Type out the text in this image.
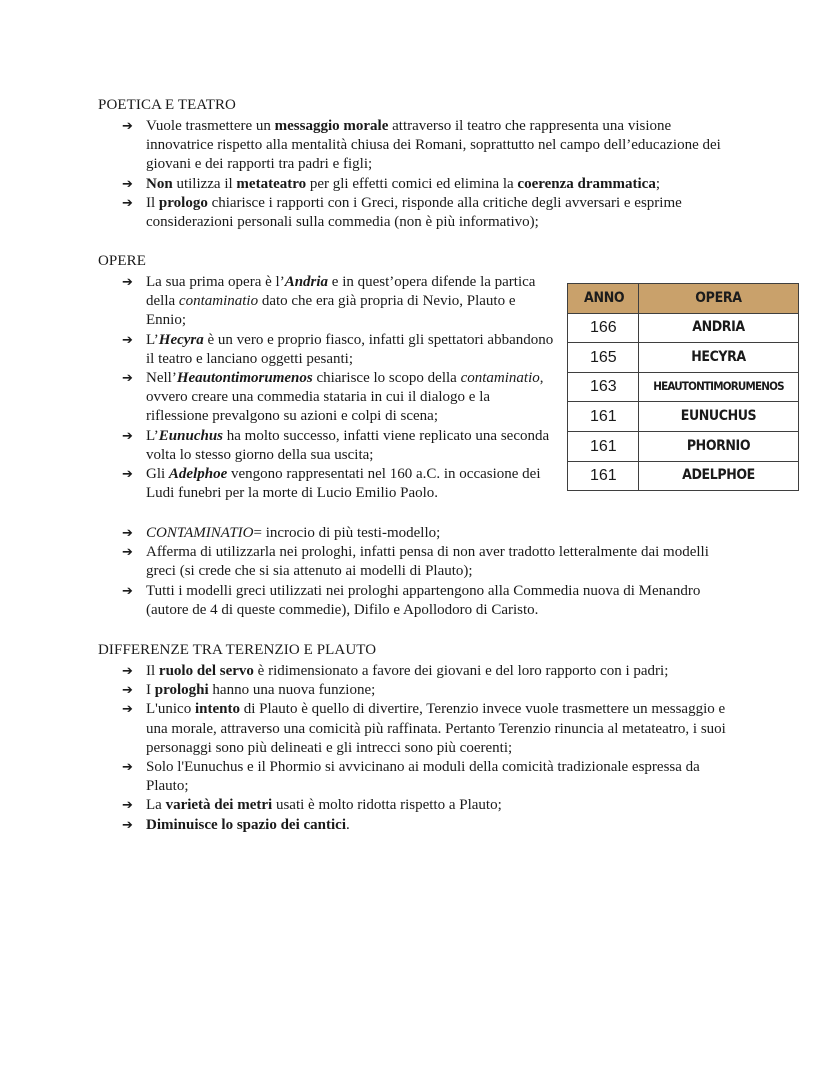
POETICA E TEATRO
➔ Vuole trasmettere un messaggio morale attraverso il teatro che rappresenta una visione innovatrice rispetto alla mentalità chiusa dei Romani, soprattutto nel campo dell’educazione dei giovani e dei rapporti tra padri e figli;
➔ Non utilizza il metateatro per gli effetti comici ed elimina la coerenza drammatica;
➔ Il prologo chiarisce i rapporti con i Greci, risponde alla critiche degli avversari e esprime considerazioni personali sulla commedia (non è più informativo);
OPERE
➔ La sua prima opera è l’Andria e in quest’opera difende la partica della contaminatio dato che era già propria di Nevio, Plauto e Ennio;
➔ L’Hecyra è un vero e proprio fiasco, infatti gli spettatori abbandono il teatro e lanciano oggetti pesanti;
➔ Nell’Heautontimorumenos chiarisce lo scopo della contaminatio, ovvero creare una commedia stataria in cui il dialogo e la riflessione prevalgono su azioni e colpi di scena;
➔ L’Eunuchus ha molto successo, infatti viene replicato una seconda volta lo stesso giorno della sua uscita;
➔ Gli Adelphoe vengono rappresentati nel 160 a.C. in occasione dei Ludi funebri per la morte di Lucio Emilio Paolo.
ANNO	OPERA
166	ANDRIA
165	HECYRA
163	HEAUTONTIMORUMENOS
161	EUNUCHUS
161	PHORNIO
161	ADELPHOE
➔ CONTAMINATIO= incrocio di più testi-modello;
➔ Afferma di utilizzarla nei prologhi, infatti pensa di non aver tradotto letteralmente dai modelli greci (si crede che si sia attenuto ai modelli di Plauto);
➔ Tutti i modelli greci utilizzati nei prologhi appartengono alla Commedia nuova di Menandro (autore de 4 di queste commedie), Difilo e Apollodoro di Caristo.
DIFFERENZE TRA TERENZIO E PLAUTO
➔ Il ruolo del servo è ridimensionato a favore dei giovani e del loro rapporto con i padri;
➔ I prologhi hanno una nuova funzione;
➔ L'unico intento di Plauto è quello di divertire, Terenzio invece vuole trasmettere un messaggio e una morale, attraverso una comicità più raffinata. Pertanto Terenzio rinuncia al metateatro, i suoi personaggi sono più delineati e gli intrecci sono più coerenti;
➔ Solo l'Eunuchus e il Phormio si avvicinano ai moduli della comicità tradizionale espressa da Plauto;
➔ La varietà dei metri usati è molto ridotta rispetto a Plauto;
➔ Diminuisce lo spazio dei cantici.
